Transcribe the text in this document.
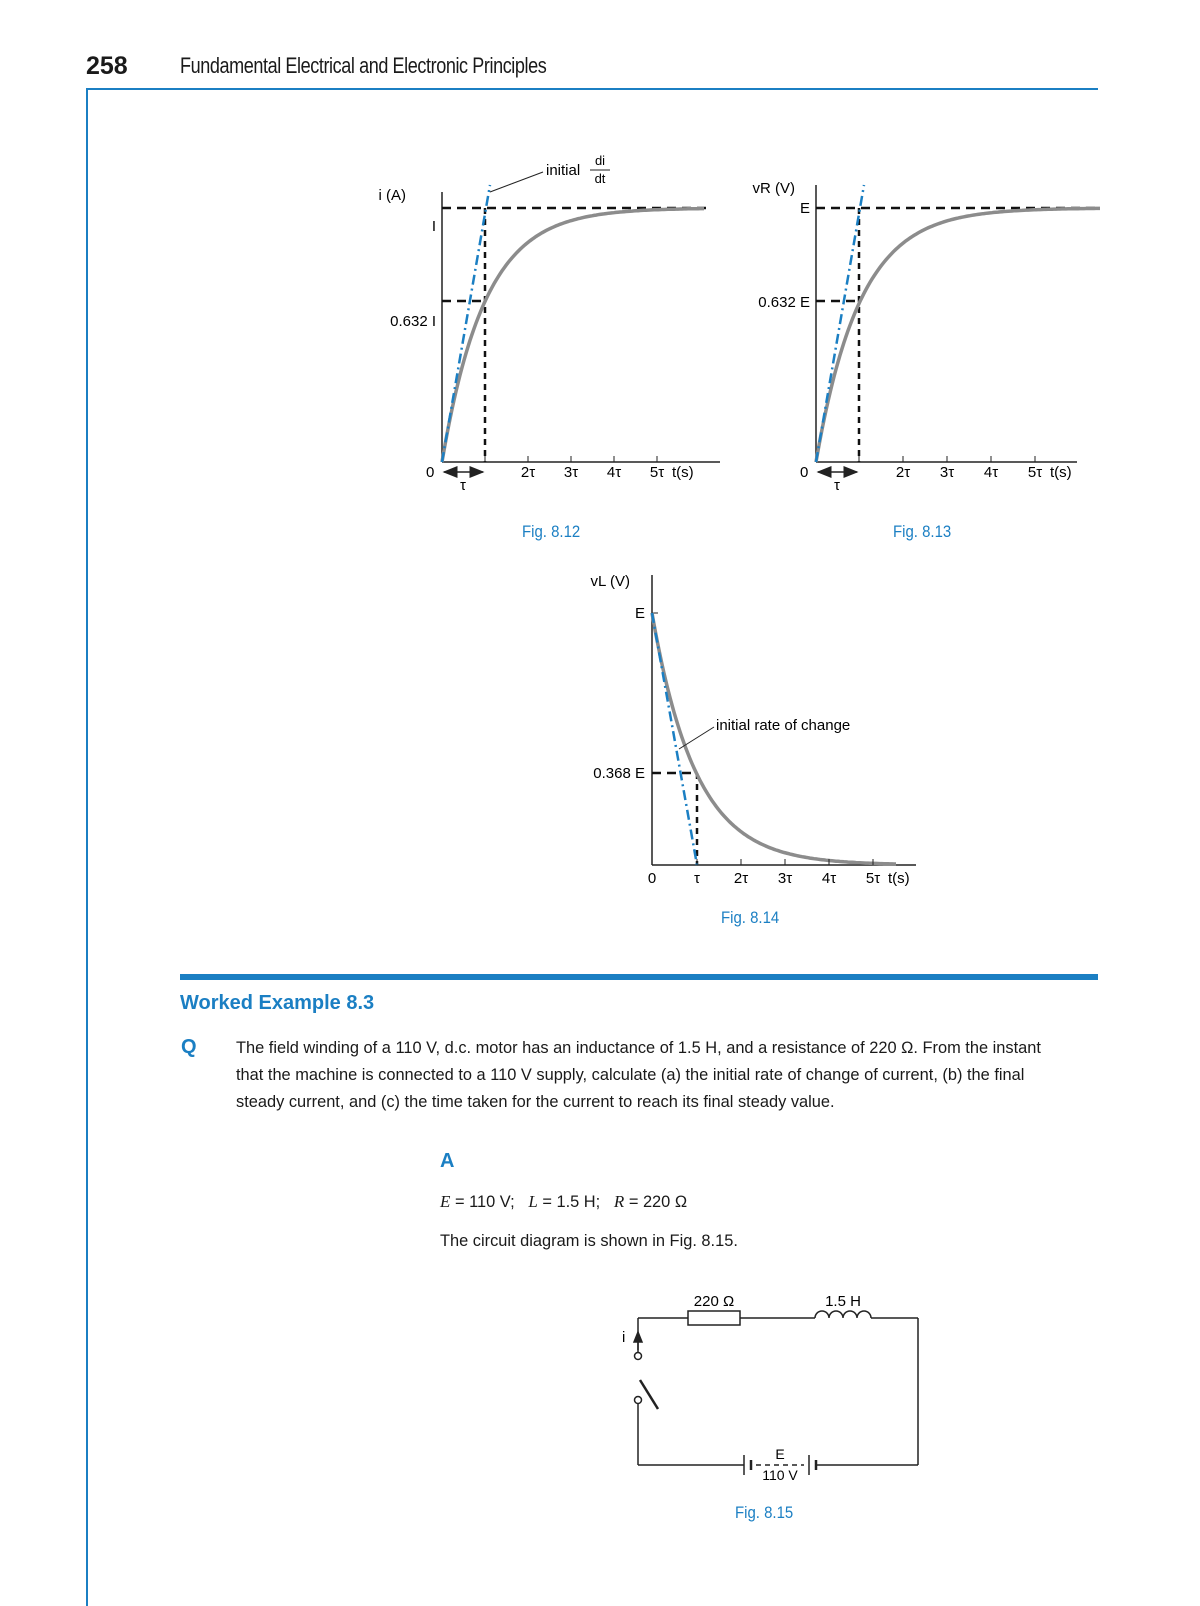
258 Fundamental Electrical and Electronic Principles
i (A)
I
0.632 I
initial
di
dt
0
τ
2τ 3τ 4τ 5τ t(s)
Fig. 8.12
vR (V)
E
0.632 E
0
τ
2τ 3τ 4τ 5τ t(s)
Fig. 8.13
vL (V)
E
0.368 E
initial rate of change
0	τ 2τ 3τ 4τ 5τ t(s)
Fig. 8.14
Worked Example 8.3
Q The field winding of a 110 V, d.c. motor has an inductance of 1.5 H, and a resistance of 220 Ω. From the instant that the machine is connected to a 110 V supply, calculate (a) the initial rate of change of current, (b) the final steady current, and (c) the time taken for the current to reach its final steady value.
A
E = 110 V; L = 1.5 H; R = 220 Ω
The circuit diagram is shown in Fig. 8.15.
220 Ω	1.5 H
i
E
110 V
Fig. 8.15
